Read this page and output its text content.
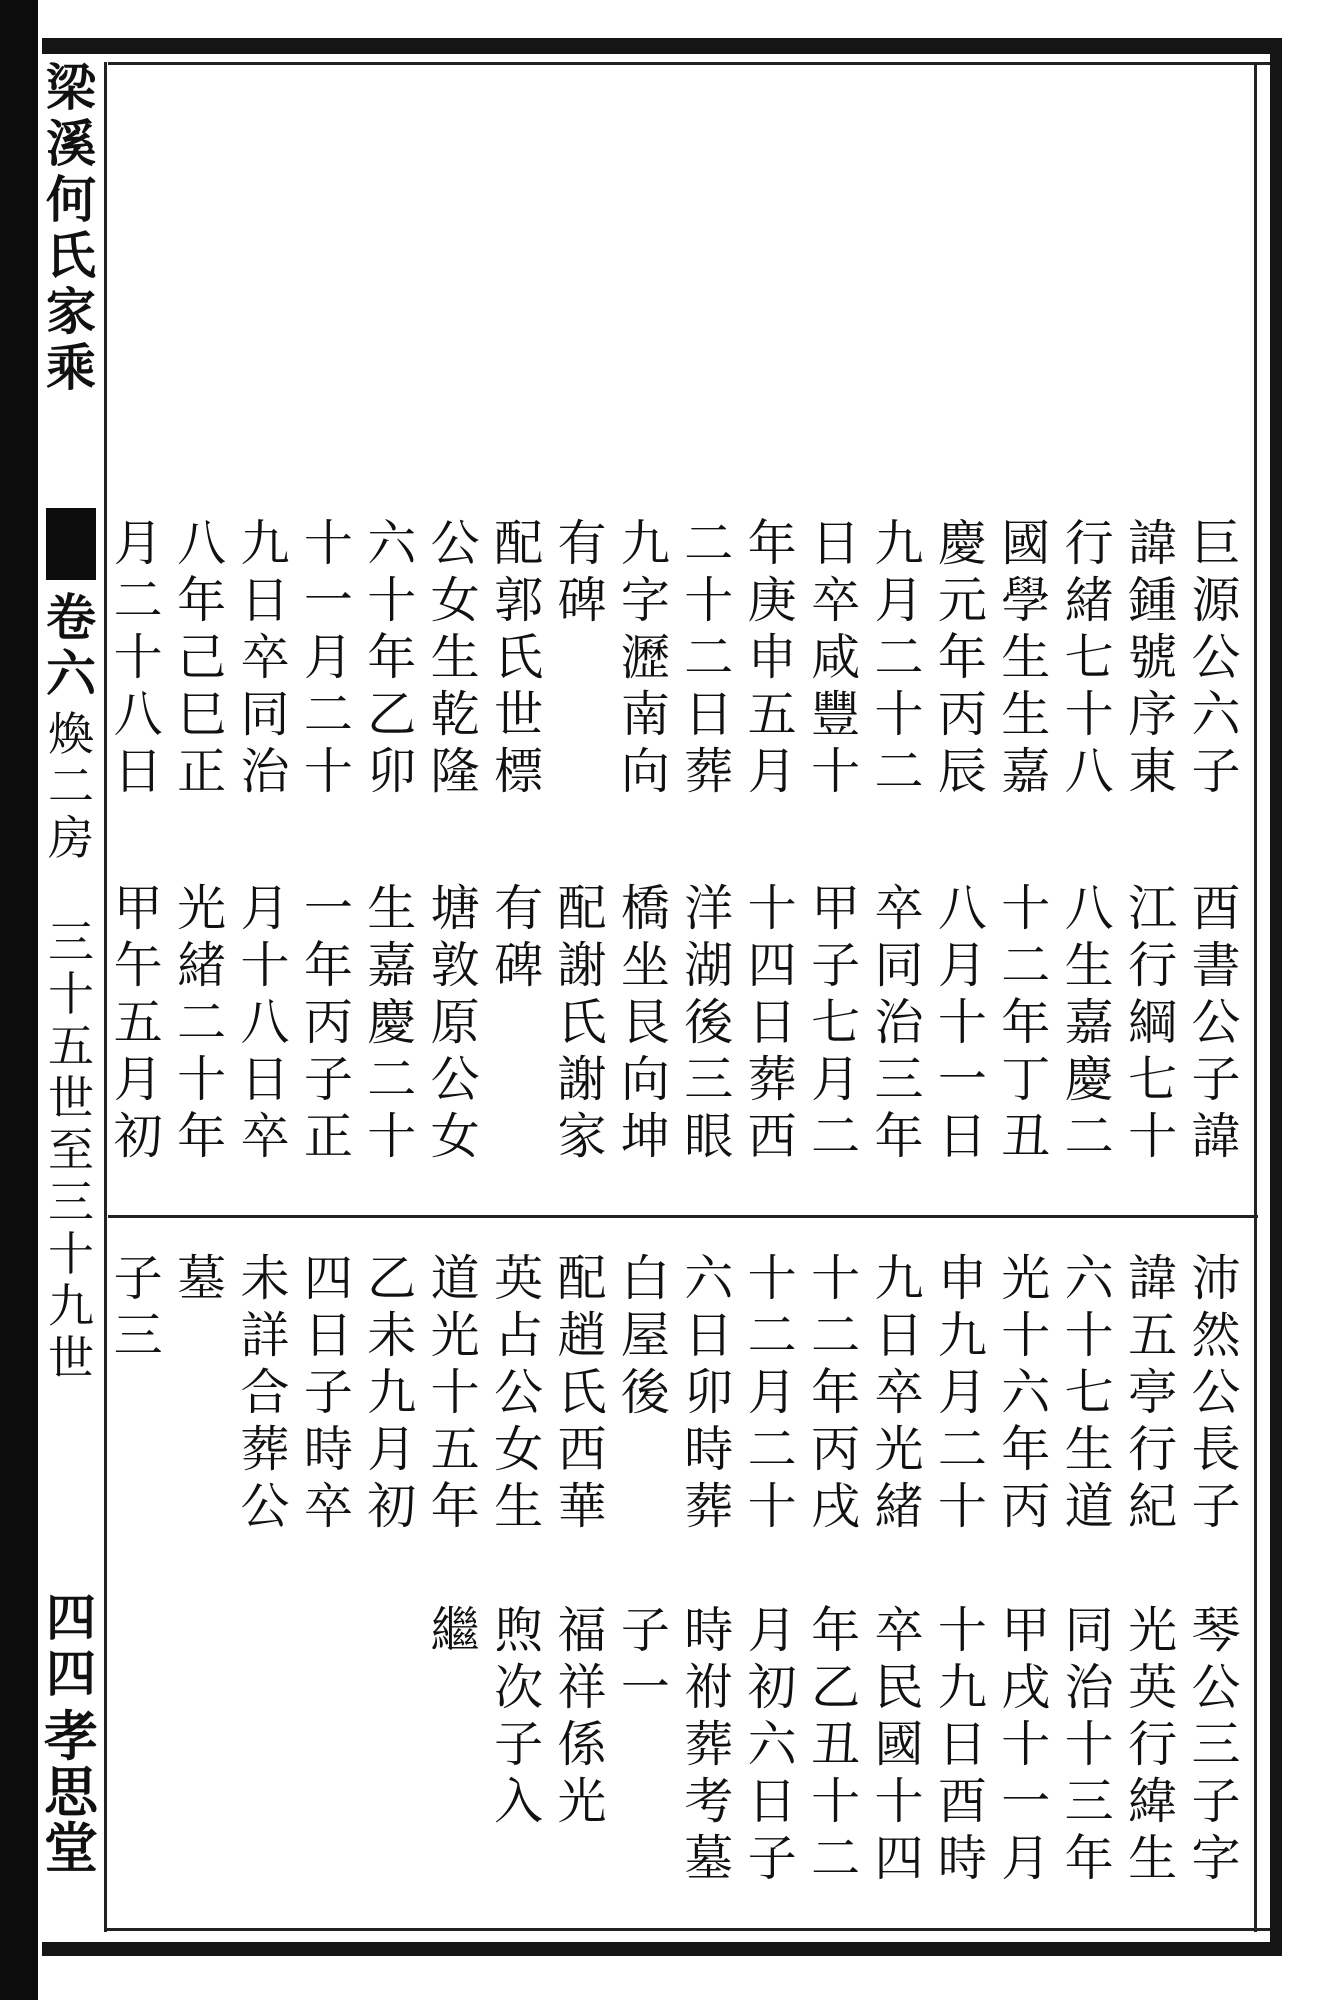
梁
溪
何
氏
家
乘
卷
六
煥
二
房

三
十
五
世
至
三
十
九
世
四
四
孝
思
堂
巨
源
公
六
子
酉
書
公
子
諱
諱
鍾
號
序
東
江
行
綱
七
十
行
緒
七
十
八
八
生
嘉
慶
二
國
學
生
生
嘉
十
二
年
丁
丑
慶
元
年
丙
辰
八
月
十
一
日
九
月
二
十
二
卒
同
治
三
年
日
卒
咸
豐
十
甲
子
七
月
二
年
庚
申
五
月
十
四
日
葬
西
二
十
二
日
葬
洋
湖
後
三
眼
九
字
瀝
南
向
橋
坐
艮
向
坤
有
碑
配
謝
氏
謝
家
配
郭
氏
世
標
有
碑
公
女
生
乾
隆
塘
敦
原
公
女
六
十
年
乙
卯
生
嘉
慶
二
十
十
一
月
二
十
一
年
丙
子
正
九
日
卒
同
治
月
十
八
日
卒
八
年
己
巳
正
光
緒
二
十
年
月
二
十
八
日
甲
午
五
月
初
沛
然
公
長
子
琴
公
三
子
字
諱
五
亭
行
紀
光
英
行
緯
生
六
十
七
生
道
同
治
十
三
年
光
十
六
年
丙
甲
戌
十
一
月
申
九
月
二
十
十
九
日
酉
時
九
日
卒
光
緒
卒
民
國
十
四
十
二
年
丙
戌
年
乙
丑
十
二
十
二
月
二
十
月
初
六
日
子
六
日
卯
時
葬
時
祔
葬
考
墓
白
屋
後
子
一
配
趙
氏
西
華
福
祥
係
光
英
占
公
女
生
煦
次
子
入
道
光
十
五
年
繼
乙
未
九
月
初
四
日
子
時
卒
未
詳
合
葬
公
墓
子
三
